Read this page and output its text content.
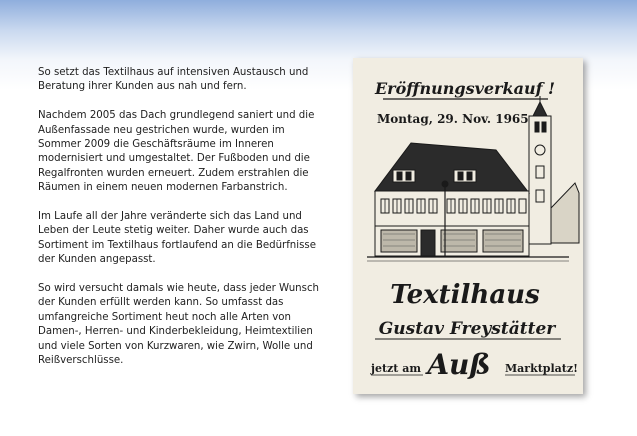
So setzt das Textilhaus auf intensiven Austausch und Beratung ihrer Kunden aus nah und fern.

Nachdem 2005 das Dach grundlegend saniert und die Außenfassade neu gestrichen wurde, wurden im Sommer 2009 die Geschäftsräume im Inneren modernisiert und umgestaltet. Der Fußboden und die Regalfronten wurden erneuert. Zudem erstrahlen die Räumen in einem neuen modernen Farbanstrich.

Im Laufe all der Jahre veränderte sich das Land und Leben der Leute stetig weiter. Daher wurde auch das Sortiment im Textilhaus fortlaufend an die Bedürfnisse der Kunden angepasst.

So wird versucht damals wie heute, dass jeder Wunsch der Kunden erfüllt werden kann. So umfasst das umfangreiche Sortiment heut noch alle Arten von Damen-, Herren- und Kinderbekleidung, Heimtextilien und viele Sorten von Kurzwaren, wie Zwirn, Wolle und Reißverschlüsse.

Eröffnungsverkauf !
Montag, 29. Nov. 1965
Textilhaus
Gustav Freystätter
jetzt am Auß Marktplatz!
